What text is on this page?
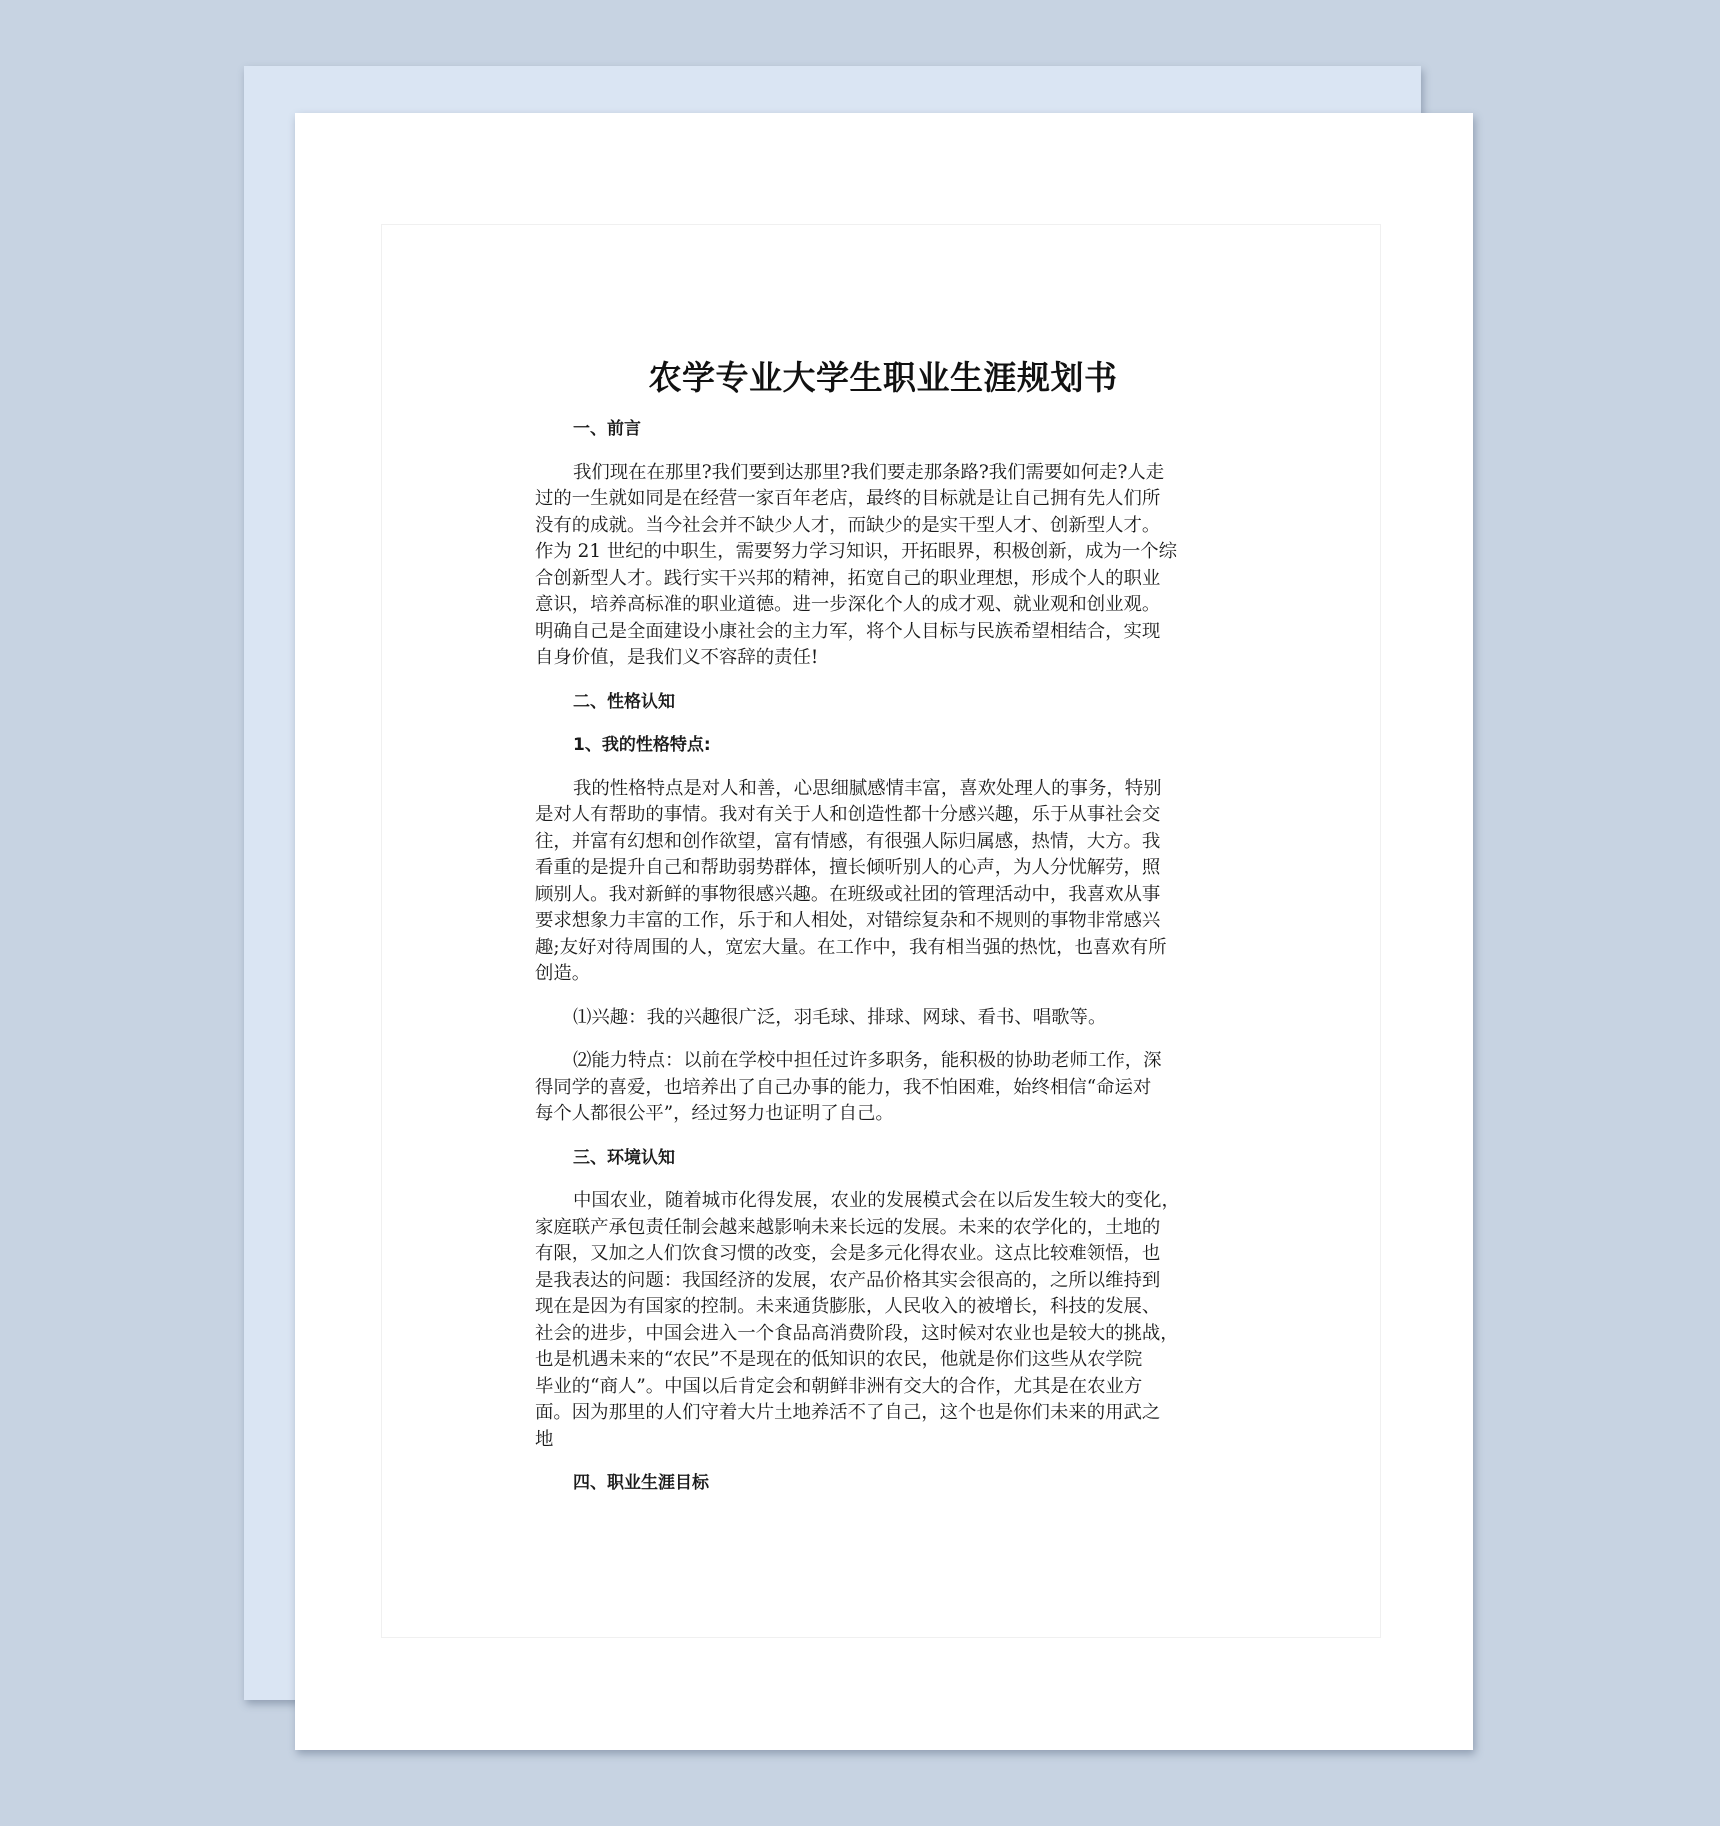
农学专业大学生职业生涯规划书
一、前言
我们现在在那里?我们要到达那里?我们要走那条路?我们需要如何走?人走
过的一生就如同是在经营一家百年老店，最终的目标就是让自己拥有先人们所
没有的成就。当今社会并不缺少人才，而缺少的是实干型人才、创新型人才。
作为 21 世纪的中职生，需要努力学习知识，开拓眼界，积极创新，成为一个综
合创新型人才。践行实干兴邦的精神，拓宽自己的职业理想，形成个人的职业
意识，培养高标准的职业道德。进一步深化个人的成才观、就业观和创业观。
明确自己是全面建设小康社会的主力军，将个人目标与民族希望相结合，实现
自身价值，是我们义不容辞的责任!
二、性格认知
1、我的性格特点:
我的性格特点是对人和善，心思细腻感情丰富，喜欢处理人的事务，特别
是对人有帮助的事情。我对有关于人和创造性都十分感兴趣，乐于从事社会交
往，并富有幻想和创作欲望，富有情感，有很强人际归属感，热情，大方。我
看重的是提升自己和帮助弱势群体，擅长倾听别人的心声，为人分忧解劳，照
顾别人。我对新鲜的事物很感兴趣。在班级或社团的管理活动中，我喜欢从事
要求想象力丰富的工作，乐于和人相处，对错综复杂和不规则的事物非常感兴
趣;友好对待周围的人，宽宏大量。在工作中，我有相当强的热忱，也喜欢有所
创造。
⑴兴趣：我的兴趣很广泛，羽毛球、排球、网球、看书、唱歌等。
⑵能力特点：以前在学校中担任过许多职务，能积极的协助老师工作，深
得同学的喜爱，也培养出了自己办事的能力，我不怕困难，始终相信“命运对
每个人都很公平”，经过努力也证明了自己。
三、环境认知
中国农业，随着城市化得发展，农业的发展模式会在以后发生较大的变化，
家庭联产承包责任制会越来越影响未来长远的发展。未来的农学化的，土地的
有限，又加之人们饮食习惯的改变，会是多元化得农业。这点比较难领悟，也
是我表达的问题：我国经济的发展，农产品价格其实会很高的，之所以维持到
现在是因为有国家的控制。未来通货膨胀，人民收入的被增长，科技的发展、
社会的进步，中国会进入一个食品高消费阶段，这时候对农业也是较大的挑战，
也是机遇未来的“农民”不是现在的低知识的农民，他就是你们这些从农学院
毕业的“商人”。中国以后肯定会和朝鲜非洲有交大的合作，尤其是在农业方
面。因为那里的人们守着大片土地养活不了自己，这个也是你们未来的用武之
地
四、职业生涯目标
